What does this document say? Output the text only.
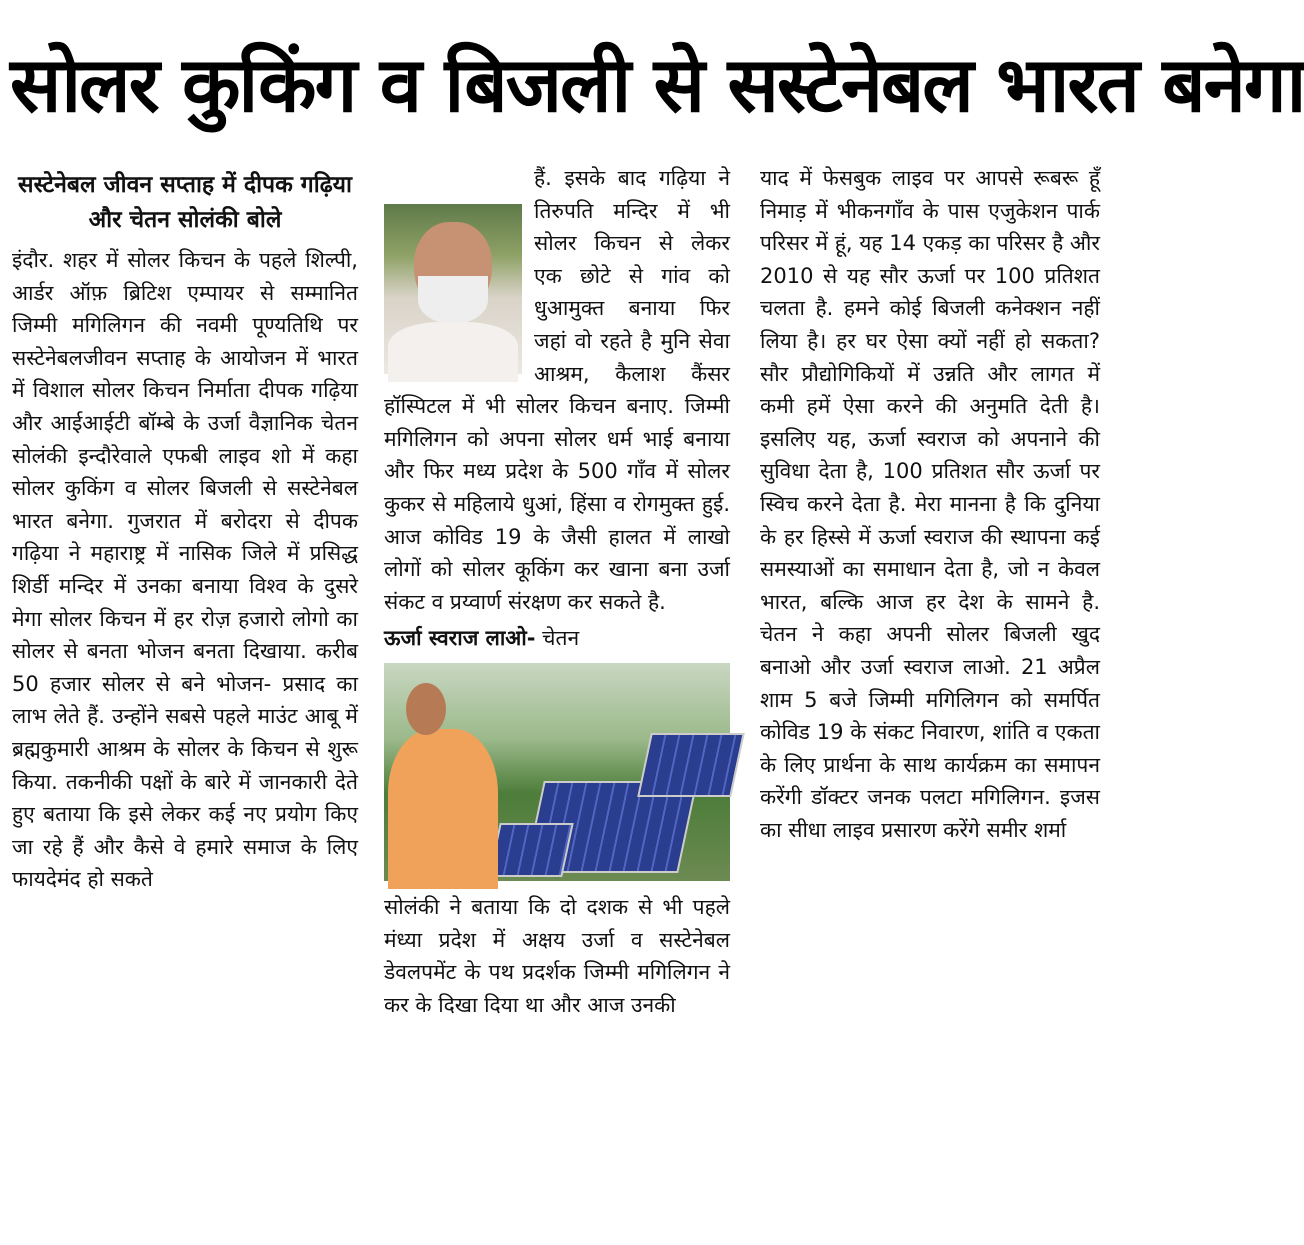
सोलर कुकिंग व बिजली से सस्टेनेबल भारत बनेगा
सस्टेनेबल जीवन सप्ताह में दीपक गढ़िया और चेतन सोलंकी बोले

इंदौर. शहर में सोलर किचन के पहले शिल्पी, आर्डर ऑफ़ ब्रिटिश एम्पायर से सम्मानित जिम्मी मगिलिगन की नवमी पूण्यतिथि पर सस्टेनेबलजीवन सप्ताह के आयोजन में भारत में विशाल सोलर किचन निर्माता दीपक गढ़िया और आईआईटी बॉम्बे के उर्जा वैज्ञानिक चेतन सोलंकी इन्दौरेवाले एफबी लाइव शो में कहा सोलर कुकिंग व सोलर बिजली से सस्टेनेबल भारत बनेगा. गुजरात में बरोदरा से दीपक गढ़िया ने महाराष्ट्र में नासिक जिले में प्रसिद्ध शिर्डी मन्दिर में उनका बनाया विश्व के दुसरे मेगा सोलर किचन में हर रोज़ हजारो लोगो का सोलर से बनता भोजन बनता दिखाया. करीब 50 हजार सोलर से बने भोजन- प्रसाद का लाभ लेते हैं. उन्होंने सबसे पहले माउंट आबू में ब्रह्मकुमारी आश्रम के सोलर के किचन से शुरू किया. तकनीकी पक्षों के बारे में जानकारी देते हुए बताया कि इसे लेकर कई नए प्रयोग किए जा रहे हैं और कैसे वे हमारे समाज के लिए फायदेमंद हो सकते

हैं. इसके बाद गढ़िया ने तिरुपति मन्दिर में भी सोलर किचन से लेकर एक छोटे से गांव को धुआमुक्त बनाया फिर जहां वो रहते है मुनि सेवा आश्रम, कैलाश कैंसर हॉस्पिटल में भी सोलर किचन बनाए. जिम्मी मगिलिगन को अपना सोलर धर्म भाई बनाया और फिर मध्य प्रदेश के 500 गाँव में सोलर कुकर से महिलाये धुआं, हिंसा व रोगमुक्त हुई. आज कोविड 19 के जैसी हालत में लाखो लोगों को सोलर कूकिंग कर खाना बना उर्जा संकट व प्रय्वार्ण संरक्षण कर सकते है.

ऊर्जा स्वराज लाओ- चेतन

सोलंकी ने बताया कि दो दशक से भी पहले मंध्या प्रदेश में अक्षय उर्जा व सस्टेनेबल डेवलपमेंट के पथ प्रदर्शक जिम्मी मगिलिगन ने कर के दिखा दिया था और आज उनकी

याद में फेसबुक लाइव पर आपसे रूबरू हूँ निमाड़ में भीकनगाँव के पास एजुकेशन पार्क परिसर में हूं, यह 14 एकड़ का परिसर है और 2010 से यह सौर ऊर्जा पर 100 प्रतिशत चलता है. हमने कोई बिजली कनेक्शन नहीं लिया है। हर घर ऐसा क्यों नहीं हो सकता? सौर प्रौद्योगिकियों में उन्नति और लागत में कमी हमें ऐसा करने की अनुमति देती है। इसलिए यह, ऊर्जा स्वराज को अपनाने की सुविधा देता है, 100 प्रतिशत सौर ऊर्जा पर स्विच करने देता है. मेरा मानना है कि दुनिया के हर हिस्से में ऊर्जा स्वराज की स्थापना कई समस्याओं का समाधान देता है, जो न केवल भारत, बल्कि आज हर देश के सामने है. चेतन ने कहा अपनी सोलर बिजली खुद बनाओ और उर्जा स्वराज लाओ. 21 अप्रैल शाम 5 बजे जिम्मी मगिलिगन को समर्पित कोविड 19 के संकट निवारण, शांति व एकता के लिए प्रार्थना के साथ कार्यक्रम का समापन करेंगी डॉक्टर जनक पलटा मगिलिगन. इजस का सीधा लाइव प्रसारण करेंगे समीर शर्मा
